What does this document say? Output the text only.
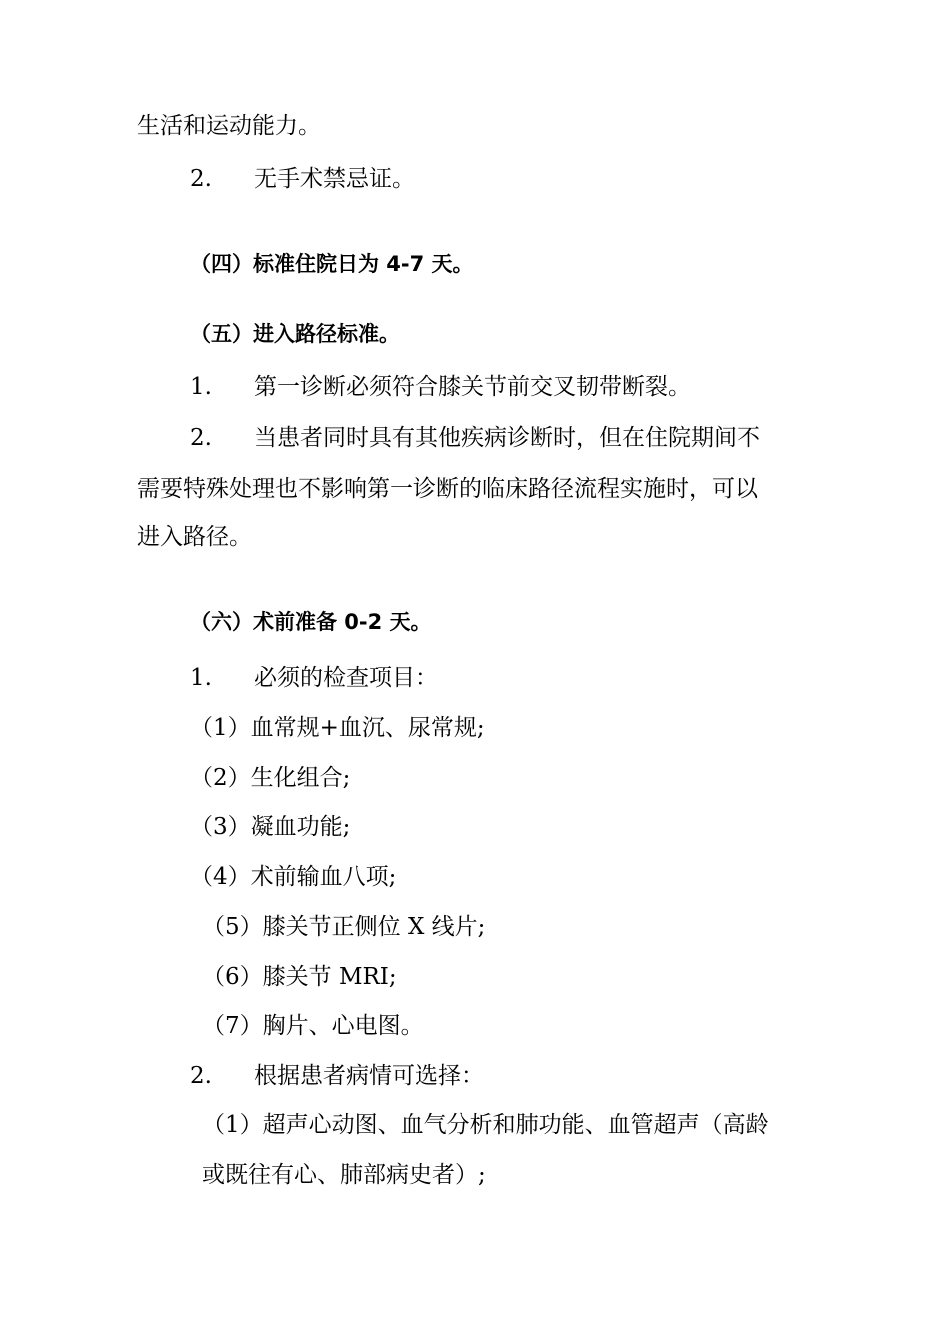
生活和运动能力。
2. 无手术禁忌证。
（四）标准住院日为 4-7 天。
（五）进入路径标准。
1. 第一诊断必须符合膝关节前交叉韧带断裂。
2. 当患者同时具有其他疾病诊断时，但在住院期间不
需要特殊处理也不影响第一诊断的临床路径流程实施时，可以
进入路径。
（六）术前准备 0-2 天。
1. 必须的检查项目：
（1）血常规+血沉、尿常规;
（2）生化组合;
（3）凝血功能;
（4）术前输血八项;
（5）膝关节正侧位 X 线片;
（6）膝关节 MRI;
（7）胸片、心电图。
2. 根据患者病情可选择：
（1）超声心动图、血气分析和肺功能、血管超声（高龄
或既往有心、肺部病史者）;
